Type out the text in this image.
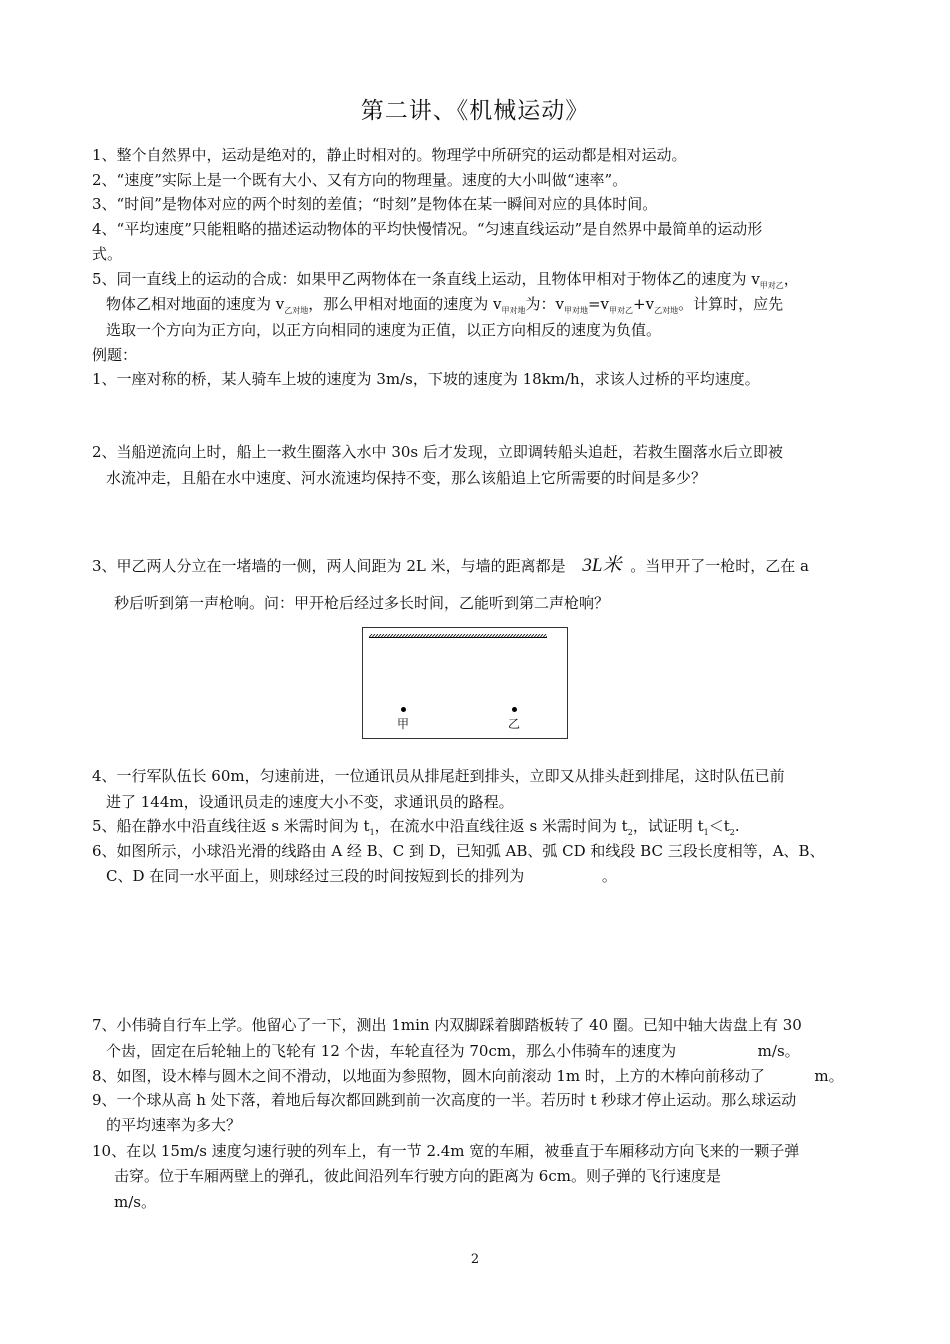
第二讲、《机械运动》
1、整个自然界中，运动是绝对的，静止时相对的。物理学中所研究的运动都是相对运动。
2、“速度”实际上是一个既有大小、又有方向的物理量。速度的大小叫做“速率”。
3、“时间”是物体对应的两个时刻的差值；“时刻”是物体在某一瞬间对应的具体时间。
4、“平均速度”只能粗略的描述运动物体的平均快慢情况。“匀速直线运动”是自然界中最简单的运动形
式。
5、同一直线上的运动的合成：如果甲乙两物体在一条直线上运动，且物体甲相对于物体乙的速度为 $v_{甲对乙}$，
物体乙相对地面的速度为 $v_{乙对地}$，那么甲相对地面的速度为 $v_{甲对地}$为：$v_{甲对地}=v_{甲对乙}+v_{乙对地}$。计算时，应先
选取一个方向为正方向，以正方向相同的速度为正值，以正方向相反的速度为负值。
例题：
1、一座对称的桥，某人骑车上坡的速度为 3m/s，下坡的速度为 18km/h，求该人过桥的平均速度。
2、当船逆流向上时，船上一救生圈落入水中 30s 后才发现，立即调转船头追赶，若救生圈落水后立即被
水流冲走，且船在水中速度、河水流速均保持不变，那么该船追上它所需要的时间是多少？
3、甲乙两人分立在一堵墙的一侧，两人间距为 2L 米，与墙的距离都是 3L米 。当甲开了一枪时，乙在 a
秒后听到第一声枪响。问：甲开枪后经过多长时间，乙能听到第二声枪响？
甲	乙
4、一行军队伍长 60m，匀速前进，一位通讯员从排尾赶到排头，立即又从排头赶到排尾，这时队伍已前
进了 144m，设通讯员走的速度大小不变，求通讯员的路程。
5、船在静水中沿直线往返 s 米需时间为 $t_1$，在流水中沿直线往返 s 米需时间为 $t_2$，试证明 $t_1<t_2$.
6、如图所示，小球沿光滑的线路由 A 经 B、C 到 D，已知弧 AB、弧 CD 和线段 BC 三段长度相等，A、B、
C、D 在同一水平面上，则球经过三段的时间按短到长的排列为	。
7、小伟骑自行车上学。他留心了一下，测出 1min 内双脚踩着脚踏板转了 40 圈。已知中轴大齿盘上有 30
个齿，固定在后轮轴上的飞轮有 12 个齿，车轮直径为 70cm，那么小伟骑车的速度为	m/s。
8、如图，设木棒与圆木之间不滑动，以地面为参照物，圆木向前滚动 1m 时，上方的木棒向前移动了	m。
9、一个球从高 h 处下落，着地后每次都回跳到前一次高度的一半。若历时 t 秒球才停止运动。那么球运动
的平均速率为多大？
10、在以 15m/s 速度匀速行驶的列车上，有一节 2.4m 宽的车厢，被垂直于车厢移动方向飞来的一颗子弹
击穿。位于车厢两壁上的弹孔，彼此间沿列车行驶方向的距离为 6cm。则子弹的飞行速度是
m/s。
2
